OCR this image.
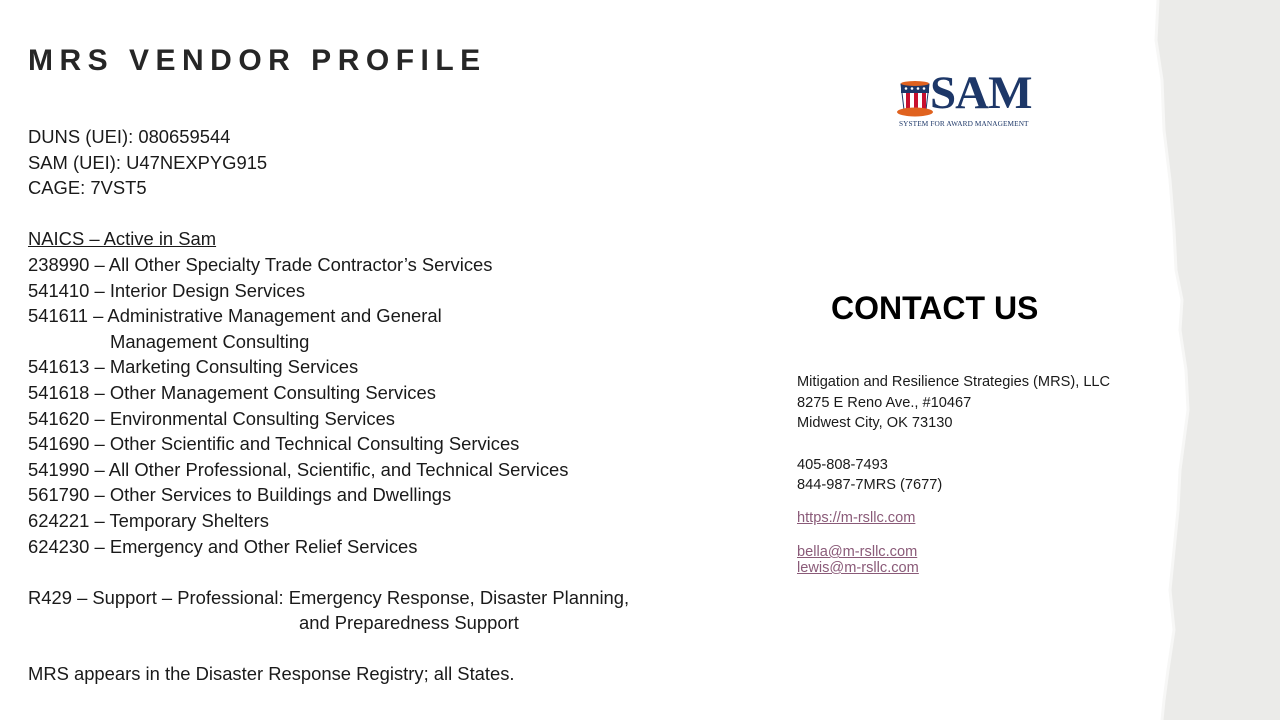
MRS VENDOR PROFILE
DUNS (UEI): 080659544
SAM (UEI): U47NEXPYG915
CAGE: 7VST5
NAICS – Active in Sam
238990 – All Other Specialty Trade Contractor’s Services
541410 – Interior Design Services
541611 – Administrative Management and General
Management Consulting
541613 – Marketing Consulting Services
541618 – Other Management Consulting Services
541620 – Environmental Consulting Services
541690 – Other Scientific and Technical Consulting Services
541990 – All Other Professional, Scientific, and Technical Services
561790 – Other Services to Buildings and Dwellings
624221 – Temporary Shelters
624230 – Emergency and Other Relief Services
R429 – Support – Professional: Emergency Response, Disaster Planning,
and Preparedness Support
MRS appears in the Disaster Response Registry; all States.
SAM
SYSTEM FOR AWARD MANAGEMENT
CONTACT US
Mitigation and Resilience Strategies (MRS), LLC
8275 E Reno Ave., #10467
Midwest City, OK 73130
405-808-7493
844-987-7MRS (7677)
https://m-rsllc.com
bella@m-rsllc.com
lewis@m-rsllc.com
